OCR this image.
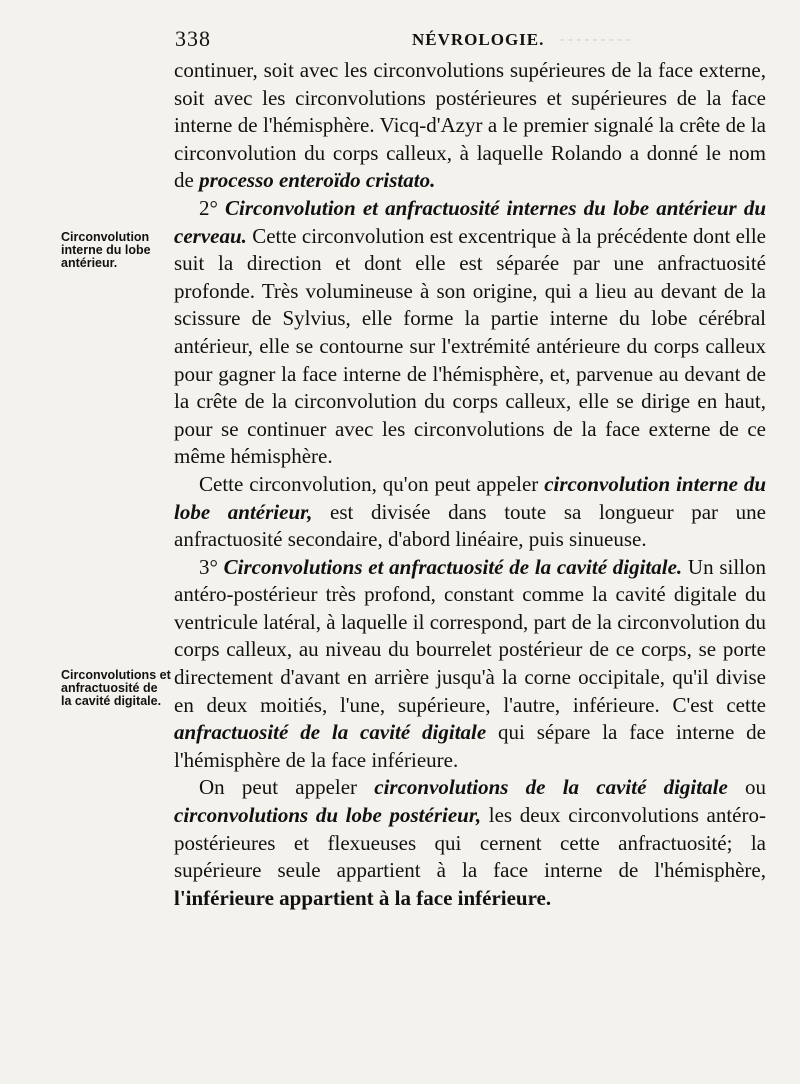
338	NÉVROLOGIE. - - - - - - - - -
Circonvolution interne du lobe antérieur.
Circonvolutions et anfractuosité de la cavité digitale.

continuer, soit avec les circonvolutions supérieures de la face externe, soit avec les circonvolutions postérieures et supérieures de la face interne de l'hémisphère. Vicq-d'Azyr a le premier signalé la crête de la circonvolution du corps calleux, à laquelle Rolando a donné le nom de processo enteroïdo cristato.

2° Circonvolution et anfractuosité internes du lobe antérieur du cerveau. Cette circonvolution est excentrique à la précédente dont elle suit la direction et dont elle est séparée par une anfractuosité profonde. Très volumineuse à son origine, qui a lieu au devant de la scissure de Sylvius, elle forme la partie interne du lobe cérébral antérieur, elle se contourne sur l'extrémité antérieure du corps calleux pour gagner la face interne de l'hémisphère, et, parvenue au devant de la crête de la circonvolution du corps calleux, elle se dirige en haut, pour se continuer avec les circonvolutions de la face externe de ce même hémisphère.

Cette circonvolution, qu'on peut appeler circonvolution interne du lobe antérieur, est divisée dans toute sa longueur par une anfractuosité secondaire, d'abord linéaire, puis sinueuse.

3° Circonvolutions et anfractuosité de la cavité digitale. Un sillon antéro-postérieur très profond, constant comme la cavité digitale du ventricule latéral, à laquelle il correspond, part de la circonvolution du corps calleux, au niveau du bourrelet postérieur de ce corps, se porte directement d'avant en arrière jusqu'à la corne occipitale, qu'il divise en deux moitiés, l'une, supérieure, l'autre, inférieure. C'est cette anfractuosité de la cavité digitale qui sépare la face interne de l'hémisphère de la face inférieure.

On peut appeler circonvolutions de la cavité digitale ou circonvolutions du lobe postérieur, les deux circonvolutions antéro-postérieures et flexueuses qui cernent cette anfractuosité; la supérieure seule appartient à la face interne de l'hémisphère, l'inférieure appartient à la face inférieure.
